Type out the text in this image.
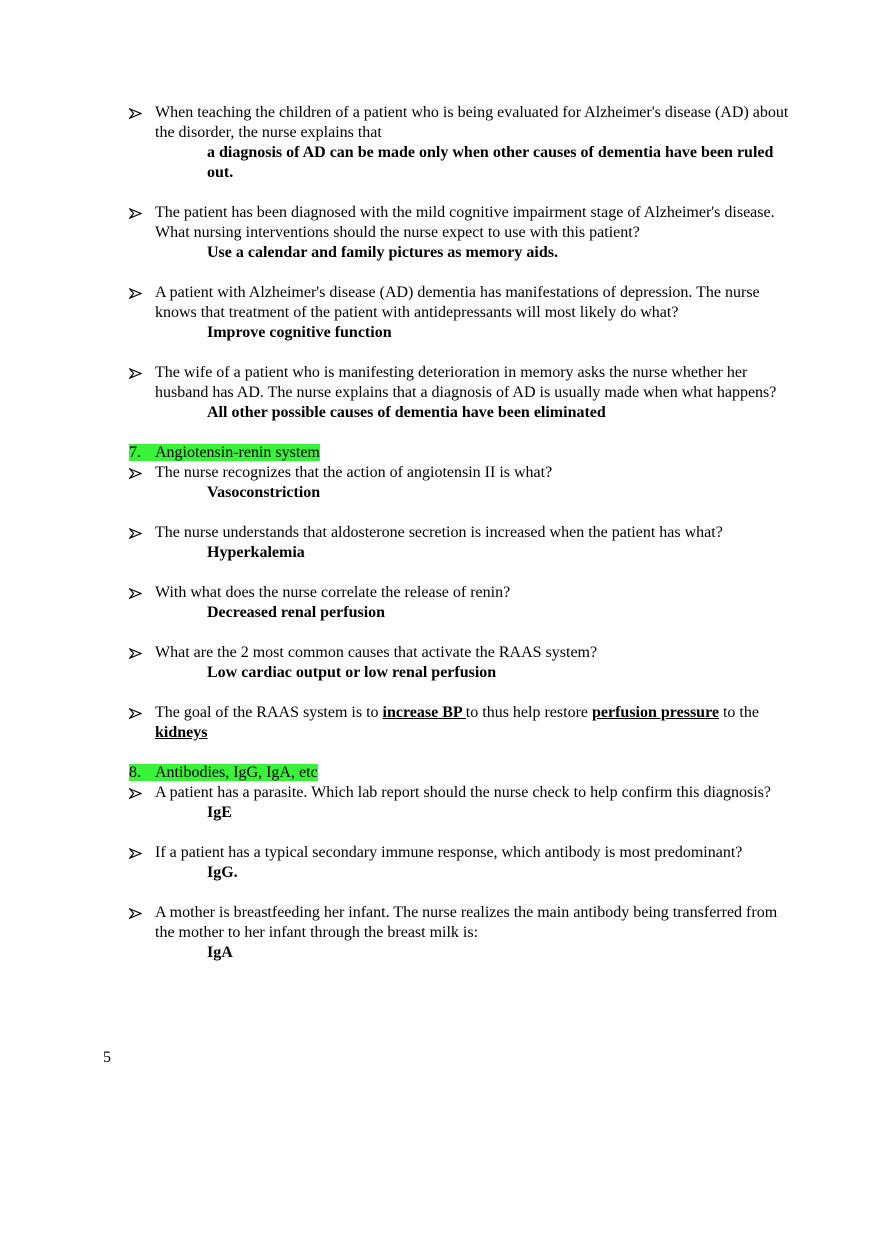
When teaching the children of a patient who is being evaluated for Alzheimer's disease (AD) about the disorder, the nurse explains that
a diagnosis of AD can be made only when other causes of dementia have been ruled out.
The patient has been diagnosed with the mild cognitive impairment stage of Alzheimer's disease. What nursing interventions should the nurse expect to use with this patient?
Use a calendar and family pictures as memory aids.
A patient with Alzheimer's disease (AD) dementia has manifestations of depression. The nurse knows that treatment of the patient with antidepressants will most likely do what?
Improve cognitive function
The wife of a patient who is manifesting deterioration in memory asks the nurse whether her husband has AD. The nurse explains that a diagnosis of AD is usually made when what happens?
All other possible causes of dementia have been eliminated
7. Angiotensin-renin system
The nurse recognizes that the action of angiotensin II is what?
Vasoconstriction
The nurse understands that aldosterone secretion is increased when the patient has what?
Hyperkalemia
With what does the nurse correlate the release of renin?
Decreased renal perfusion
What are the 2 most common causes that activate the RAAS system?
Low cardiac output or low renal perfusion
The goal of the RAAS system is to increase BP to thus help restore perfusion pressure to the kidneys
8. Antibodies, IgG, IgA, etc
A patient has a parasite. Which lab report should the nurse check to help confirm this diagnosis?
IgE
If a patient has a typical secondary immune response, which antibody is most predominant?
IgG.
A mother is breastfeeding her infant. The nurse realizes the main antibody being transferred from the mother to her infant through the breast milk is:
IgA
5
